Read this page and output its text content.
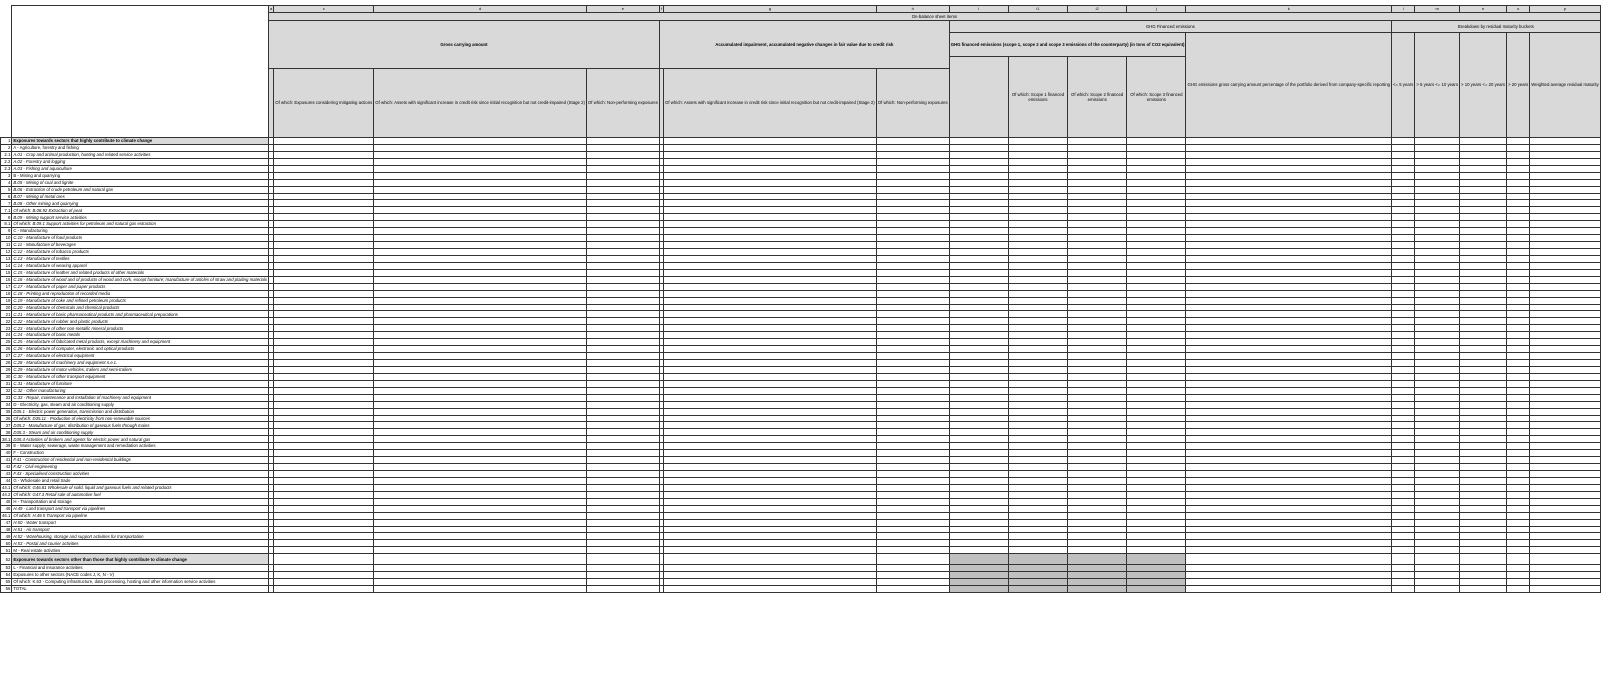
		a	c	d	e	f	g	h	i	i1	i2	j	k	l	m	n	o	p
		On-balance sheet items																
		Gross carrying amount				Accumulated impairment, accumulated negative changes in fair value due to credit risk			GHG Financed emissions					Breakdown by residual maturity buckets				
									GHG financed emissions (scope 1, scope 2 and scope 3 emissions of the counterparty) (in tons of CO2 equivalent)				GHG emissions gross carrying amount percentage of the portfolio derived from company-specific reporting	<= 5 years	> 5 years <= 10 years	> 10 years <= 20 years	> 20 years	Weighted average residual maturity

										Of which: Scope 1 financed emissions	Of which: Scope 2 financed emissions	Of which: Scope 3 financed emissions						

			Of which: Exposures considering mitigating actions	Of which: Assets with significant increase in credit risk since initial recognition but not credit-impaired (Stage 2)	Of which: Non-performing exposures		Of which: Assets with significant increase in credit risk since initial recognition but not credit-impaired (Stage 2)	Of which: Non-performing exposures										

1	Exposures towards sectors that highly contribute to climate change																	
2	A - Agriculture, forestry and fishing																	
2.1	A.01 - Crop and animal production, hunting and related service activities																	
2.2	A.02 - Forestry and logging																	
2.3	A.03 - Fishing and aquaculture																	
3	B - Mining and quarrying																	
4	B.05 - Mining of coal and lignite																	
5	B.06 - Extraction of crude petroleum and natural gas																	
6	B.07 - Mining of metal ores																	
7	B.08 - Other mining and quarrying																	
7.1	Of which: B.08.92 Extraction of peat																	
8	B.09 - Mining support service activities																	
8.1	Of which: B.09.1 Support activities for petroleum and natural gas extraction																	
9	C - Manufacturing																	
10	C.10 - Manufacture of food products																	
11	C.11 - Manufacture of beverages																	
12	C.12 - Manufacture of tobacco products																	
13	C.13 - Manufacture of textiles																	
14	C.14 - Manufacture of wearing apparel																	
15	C.15 - Manufacture of leather and related products of other materials																	
16	C.16 - Manufacture of wood and of products of wood and cork, except furniture; manufacture of articles of straw and plaiting materials																	
17	C.17 - Manufacture of paper and paper products																	
18	C.18 - Printing and reproduction of recorded media																	
19	C.19 - Manufacture of coke and refined petroleum products																	
20	C.20 - Manufacture of chemicals and chemical products																	
21	C.21 - Manufacture of basic pharmaceutical products and pharmaceutical preparations																	
22	C.22 - Manufacture of rubber and plastic products																	
23	C.23 - Manufacture of other non-metallic mineral products																	
24	C.24 - Manufacture of basic metals																	
25	C.25 - Manufacture of fabricated metal products, except machinery and equipment																	
26	C.26 - Manufacture of computer, electronic and optical products																	
27	C.27 - Manufacture of electrical equipment																	
28	C.28 - Manufacture of machinery and equipment n.e.c.																	
29	C.29 - Manufacture of motor vehicles, trailers and semi-trailers																	
30	C.30 - Manufacture of other transport equipment																	
31	C.31 - Manufacture of furniture																	
32	C.32 - Other manufacturing																	
33	C.33 - Repair, maintenance and installation of machinery and equipment																	
34	D - Electricity, gas, steam and air conditioning supply																	
35	D35.1 - Electric power generation, transmission and distribution																	
36	Of which: D35.11 - Production of electricity from non-renewable sources																	
37	D35.2 - Manufacture of gas; distribution of gaseous fuels through mains																	
38	D35.3 - Steam and air conditioning supply																	
38.1	D35.4 Activities of brokers and agents for electric power and natural gas																	
39	E - Water supply; sewerage, waste management and remediation activities																	
40	F - Construction																	
41	F.41 - Construction of residential and non-residential buildings																	
42	F.42 - Civil engineering																	
43	F.43 - Specialised construction activities																	
44	G - Wholesale and retail trade																	
44.1	Of which: G46.81 Wholesale of solid, liquid and gaseous fuels and related products																	
44.2	Of which: G47.3 Retail sale of automotive fuel																	
45	H - Transportation and storage																	
46	H.49 - Land transport and transport via pipelines																	
46.1	Of which: H.49.5 Transport via pipeline																	
47	H.50 - Water transport																	
48	H.51 - Air transport																	
49	H.52 - Warehousing, storage and support activities for transportation																	
50	H.53 - Postal and courier activities																	
51	M - Real estate activities																	
52	Exposures towards sectors other than those that highly contribute to climate change																	
53	L - Financial and insurance activities																	
54	Exposures to other sectors (NACE codes J, K, N - V)																	
55	Of which: K.63 - Computing infrastructure, data processing, hosting and other information service activities																	
56	TOTAL																	
